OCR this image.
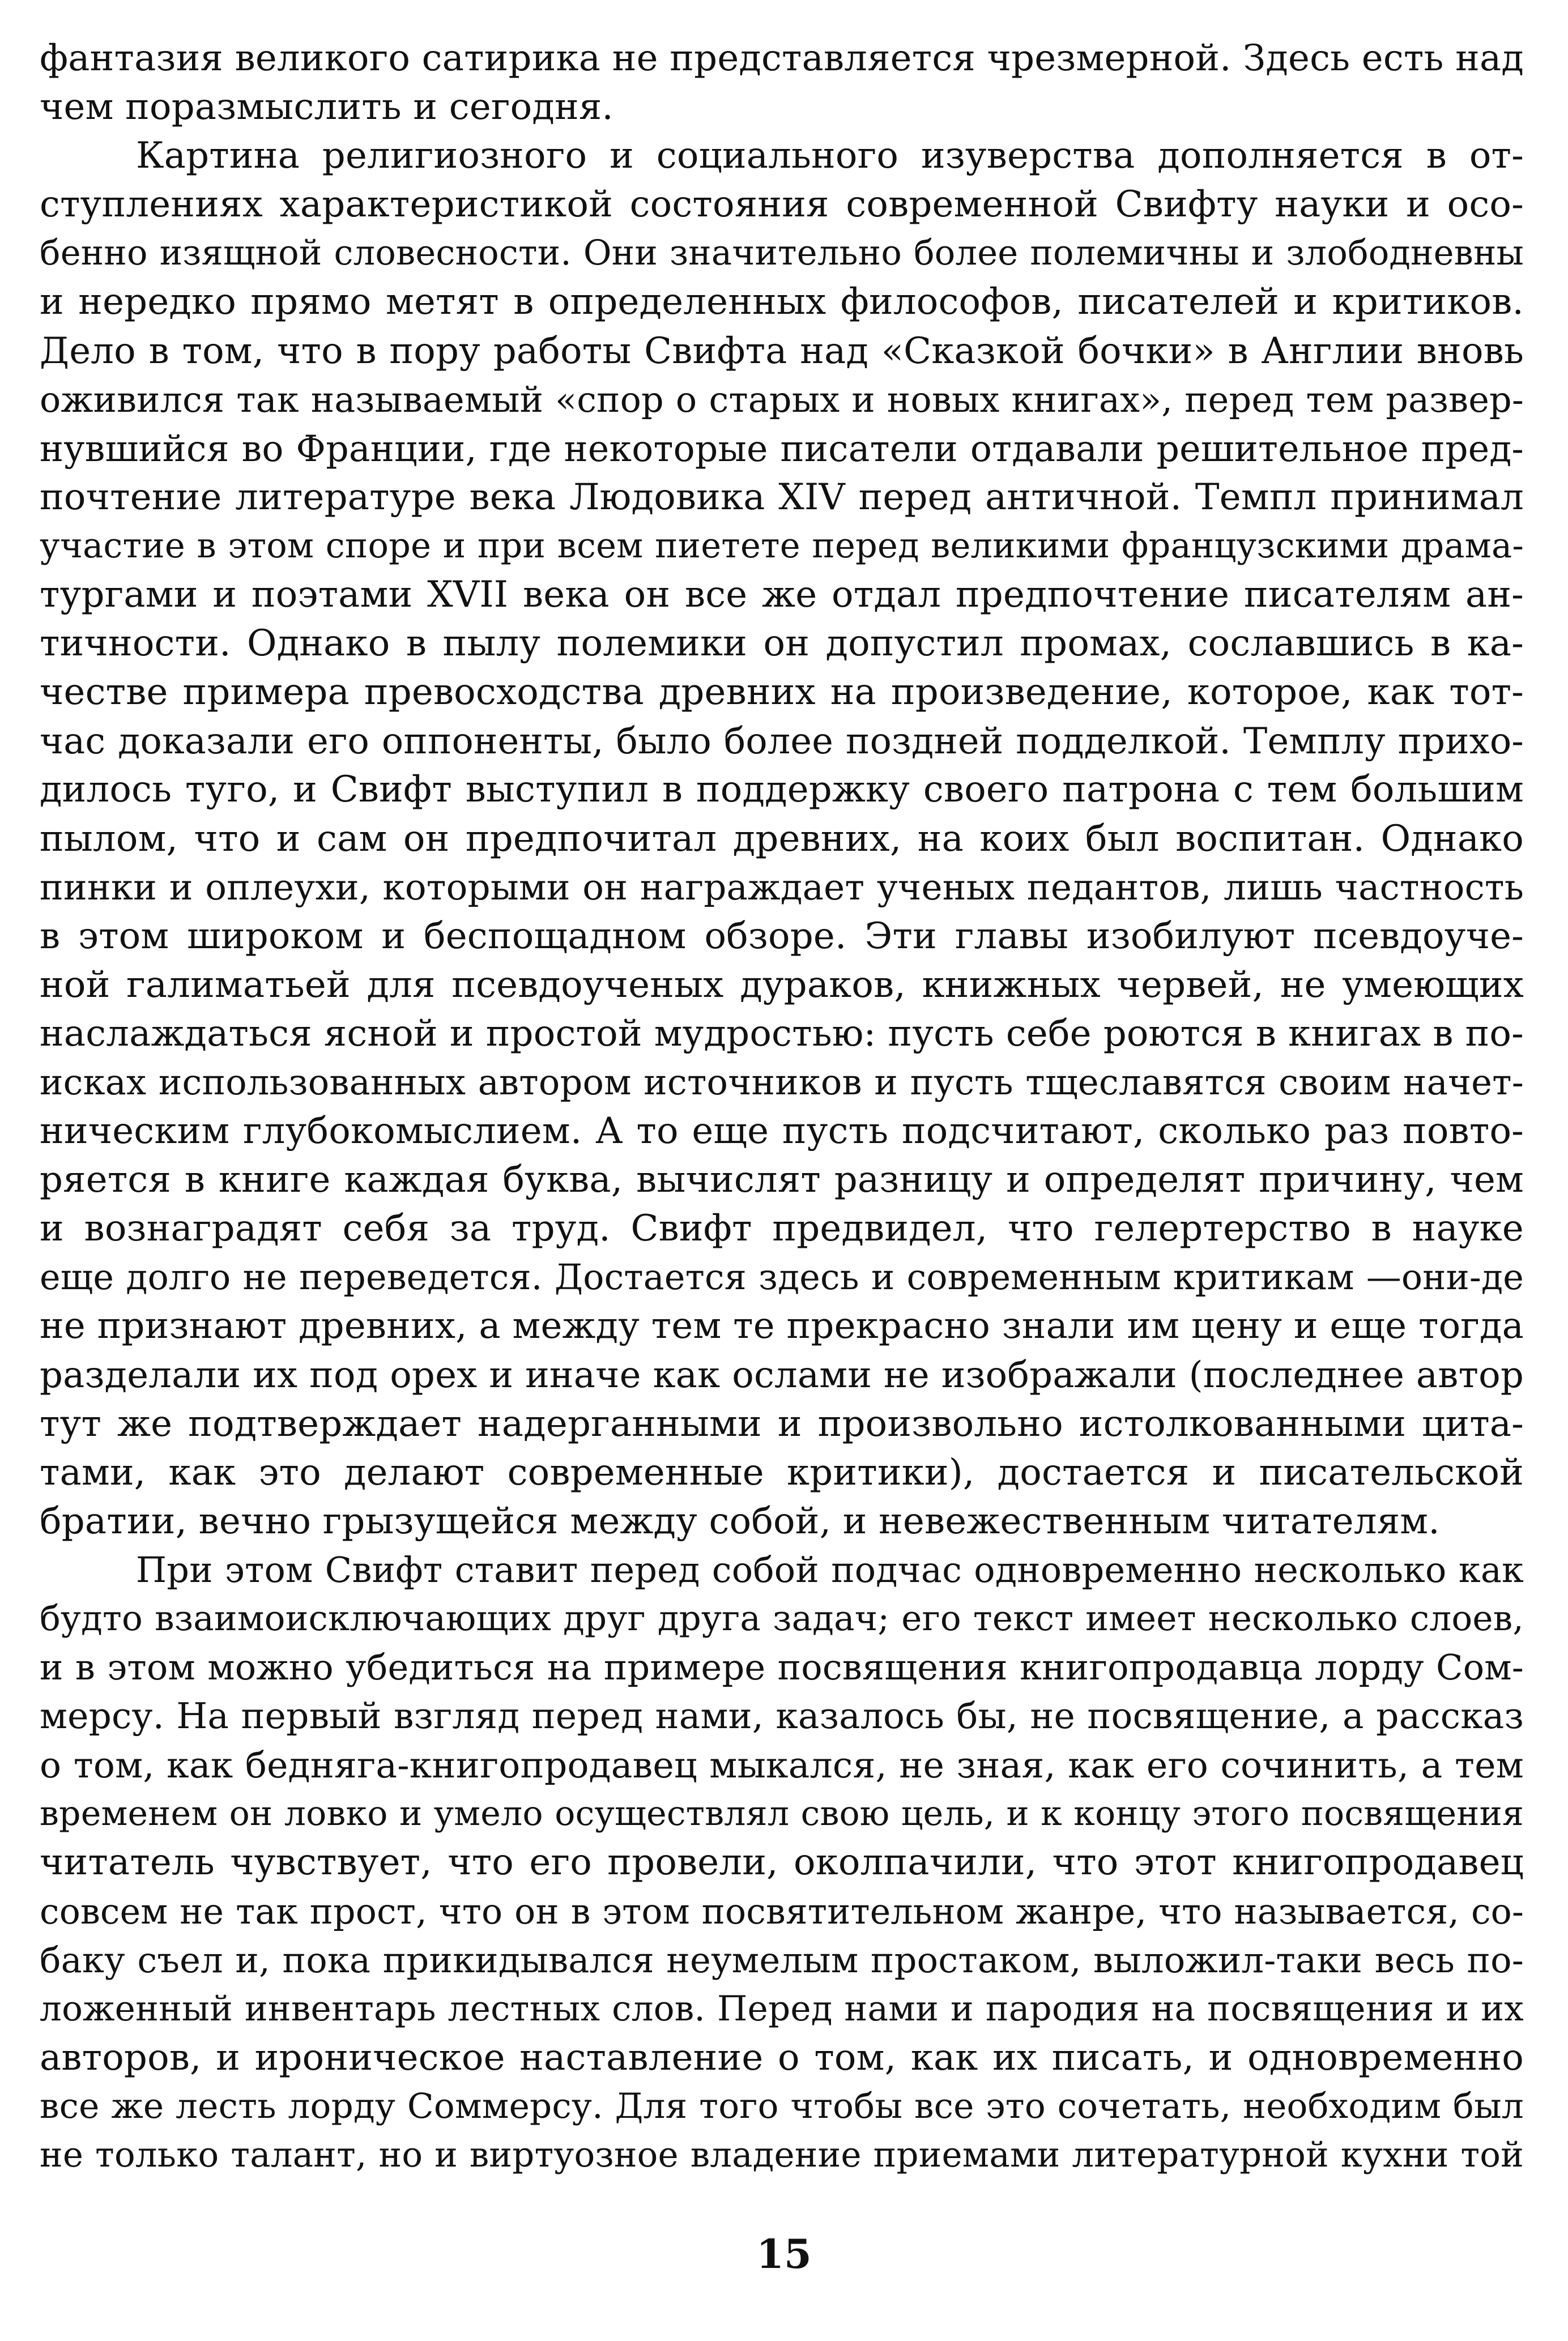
фантазия великого сатирика не представляется чрезмерной. Здесь есть над
чем поразмыслить и сегодня.
Картина религиозного и социального изуверства дополняется в от-
ступлениях характеристикой состояния современной Свифту науки и осо-
бенно изящной словесности. Они значительно более полемичны и злободневны
и нередко прямо метят в определенных философов, писателей и критиков.
Дело в том, что в пору работы Свифта над «Сказкой бочки» в Англии вновь
оживился так называемый «спор о старых и новых книгах», перед тем развер-
нувшийся во Франции, где некоторые писатели отдавали решительное пред-
почтение литературе века Людовика XIV перед античной. Темпл принимал
участие в этом споре и при всем пиетете перед великими французскими драма-
тургами и поэтами XVII века он все же отдал предпочтение писателям ан-
тичности. Однако в пылу полемики он допустил промах, сославшись в ка-
честве примера превосходства древних на произведение, которое, как тот-
час доказали его оппоненты, было более поздней подделкой. Темплу прихо-
дилось туго, и Свифт выступил в поддержку своего патрона с тем большим
пылом, что и сам он предпочитал древних, на коих был воспитан. Однако
пинки и оплеухи, которыми он награждает ученых педантов, лишь частность
в этом широком и беспощадном обзоре. Эти главы изобилуют псевдоуче-
ной галиматьей для псевдоученых дураков, книжных червей, не умеющих
наслаждаться ясной и простой мудростью: пусть себе роются в книгах в по-
исках использованных автором источников и пусть тщеславятся своим начет-
ническим глубокомыслием. А то еще пусть подсчитают, сколько раз повто-
ряется в книге каждая буква, вычислят разницу и определят причину, чем
и вознаградят себя за труд. Свифт предвидел, что гелертерство в науке
еще долго не переведется. Достается здесь и современным критикам —они-де
не признают древних, а между тем те прекрасно знали им цену и еще тогда
разделали их под орех и иначе как ослами не изображали (последнее автор
тут же подтверждает надерганными и произвольно истолкованными цита-
тами, как это делают современные критики), достается и писательской
братии, вечно грызущейся между собой, и невежественным читателям.
При этом Свифт ставит перед собой подчас одновременно несколько как
будто взаимоисключающих друг друга задач; его текст имеет несколько слоев,
и в этом можно убедиться на примере посвящения книгопродавца лорду Сом-
мерсу. На первый взгляд перед нами, казалось бы, не посвящение, а рассказ
о том, как бедняга-книгопродавец мыкался, не зная, как его сочинить, а тем
временем он ловко и умело осуществлял свою цель, и к концу этого посвящения
читатель чувствует, что его провели, околпачили, что этот книгопродавец
совсем не так прост, что он в этом посвятительном жанре, что называется, со-
баку съел и, пока прикидывался неумелым простаком, выложил-таки весь по-
ложенный инвентарь лестных слов. Перед нами и пародия на посвящения и их
авторов, и ироническое наставление о том, как их писать, и одновременно
все же лесть лорду Соммерсу. Для того чтобы все это сочетать, необходим был
не только талант, но и виртуозное владение приемами литературной кухни той
15
